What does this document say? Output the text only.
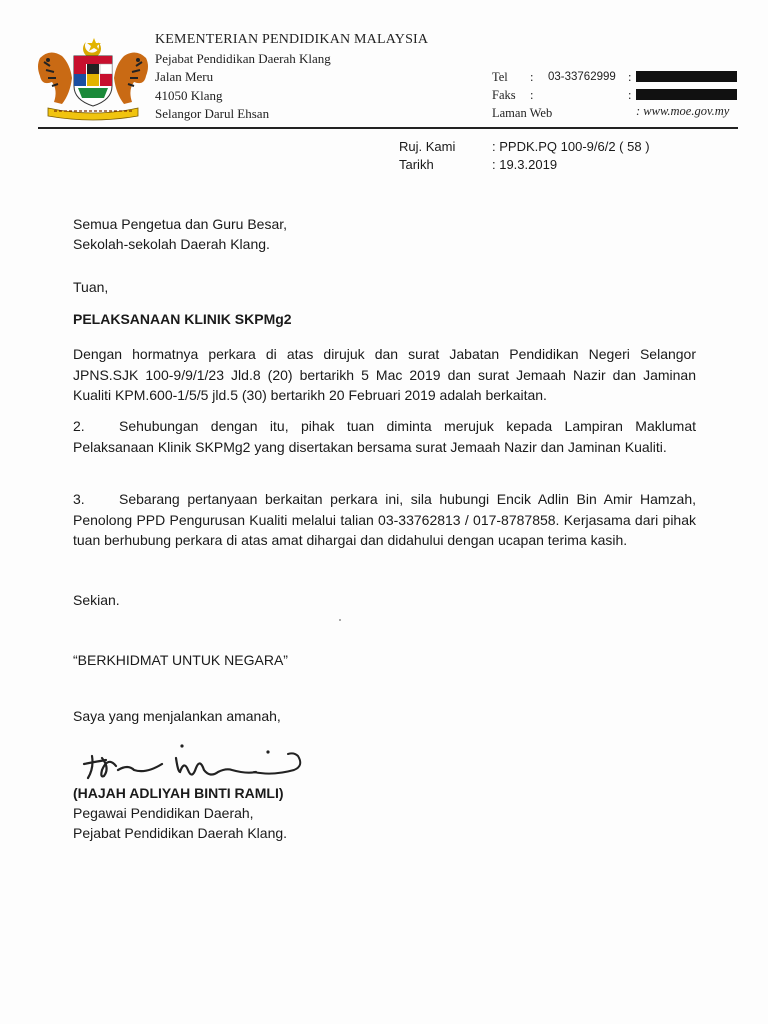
KEMENTERIAN PENDIDIKAN MALAYSIA
Pejabat Pendidikan Daerah Klang
Jalan Meru
41050 Klang
Selangor Darul Ehsan
Tel
Faks
Laman Web
:
:
03-33762999 :
:
: www.moe.gov.my
Ruj. Kami
Tarikh
: PPDK.PQ 100-9/6/2 ( 58 )
: 19.3.2019
Semua Pengetua dan Guru Besar,
Sekolah-sekolah Daerah Klang.
Tuan,
PELAKSANAAN KLINIK SKPMg2
Dengan hormatnya perkara di atas dirujuk dan surat Jabatan Pendidikan Negeri Selangor JPNS.SJK 100-9/9/1/23 Jld.8 (20) bertarikh 5 Mac 2019 dan surat Jemaah Nazir dan Jaminan Kualiti KPM.600-1/5/5 jld.5 (30) bertarikh 20 Februari 2019 adalah berkaitan.
2. Sehubungan dengan itu, pihak tuan diminta merujuk kepada Lampiran Maklumat Pelaksanaan Klinik SKPMg2 yang disertakan bersama surat Jemaah Nazir dan Jaminan Kualiti.
3. Sebarang pertanyaan berkaitan perkara ini, sila hubungi Encik Adlin Bin Amir Hamzah, Penolong PPD Pengurusan Kualiti melalui talian 03-33762813 / 017-8787858. Kerjasama dari pihak tuan berhubung perkara di atas amat dihargai dan didahului dengan ucapan terima kasih.
Sekian.
“BERKHIDMAT UNTUK NEGARA”
Saya yang menjalankan amanah,
(HAJAH ADLIYAH BINTI RAMLI)
Pegawai Pendidikan Daerah,
Pejabat Pendidikan Daerah Klang.
